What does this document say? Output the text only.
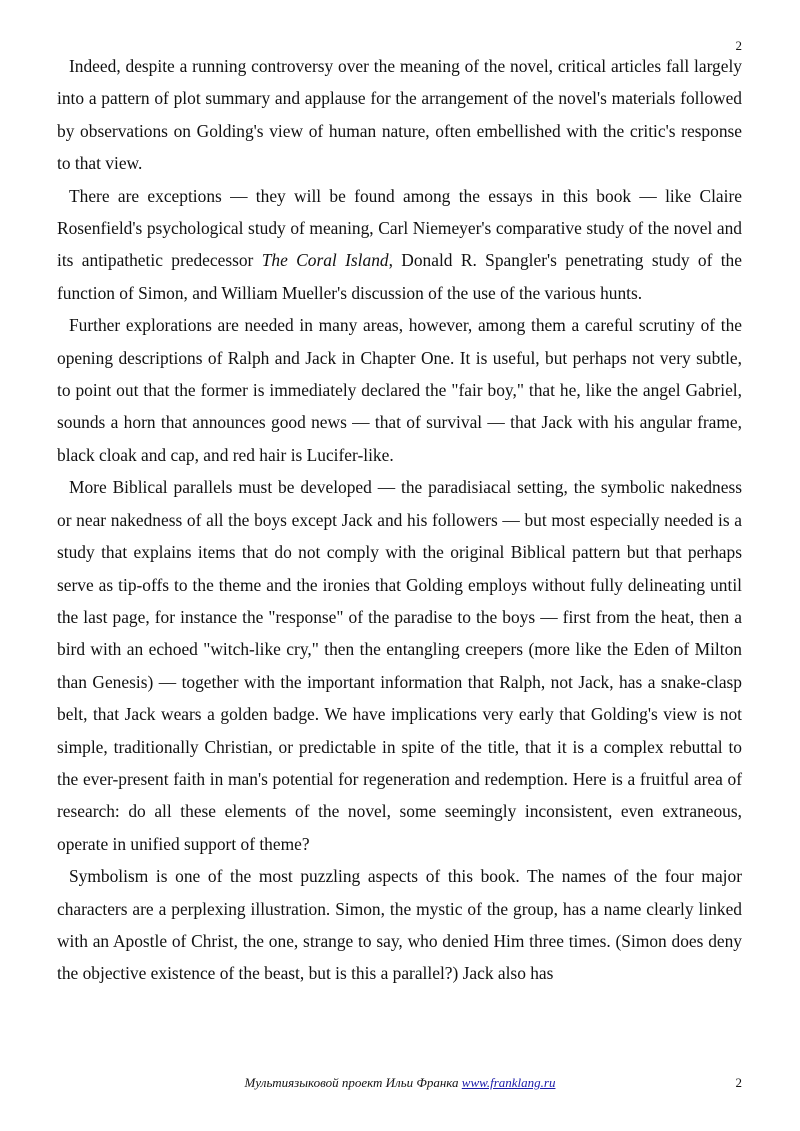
2

Indeed, despite a running controversy over the meaning of the novel, critical articles fall largely into a pattern of plot summary and applause for the arrangement of the novel's materials followed by observations on Golding's view of human nature, often embellished with the critic's response to that view.

There are exceptions — they will be found among the essays in this book — like Claire Rosenfield's psychological study of meaning, Carl Niemeyer's comparative study of the novel and its antipathetic predecessor The Coral Island, Donald R. Spangler's penetrating study of the function of Simon, and William Mueller's discussion of the use of the various hunts.

Further explorations are needed in many areas, however, among them a careful scrutiny of the opening descriptions of Ralph and Jack in Chapter One. It is useful, but perhaps not very subtle, to point out that the former is immediately declared the "fair boy," that he, like the angel Gabriel, sounds a horn that announces good news — that of survival — that Jack with his angular frame, black cloak and cap, and red hair is Lucifer-like.

More Biblical parallels must be developed — the paradisiacal setting, the symbolic nakedness or near nakedness of all the boys except Jack and his followers — but most especially needed is a study that explains items that do not comply with the original Biblical pattern but that perhaps serve as tip-offs to the theme and the ironies that Golding employs without fully delineating until the last page, for instance the "response" of the paradise to the boys — first from the heat, then a bird with an echoed "witch-like cry," then the entangling creepers (more like the Eden of Milton than Genesis) — together with the important information that Ralph, not Jack, has a snake-clasp belt, that Jack wears a golden badge. We have implications very early that Golding's view is not simple, traditionally Christian, or predictable in spite of the title, that it is a complex rebuttal to the ever-present faith in man's potential for regeneration and redemption. Here is a fruitful area of research: do all these elements of the novel, some seemingly inconsistent, even extraneous, operate in unified support of theme?

Symbolism is one of the most puzzling aspects of this book. The names of the four major characters are a perplexing illustration. Simon, the mystic of the group, has a name clearly linked with an Apostle of Christ, the one, strange to say, who denied Him three times. (Simon does deny the objective existence of the beast, but is this a parallel?) Jack also has

Мультиязыковой проект Ильи Франка www.franklang.ru	2
